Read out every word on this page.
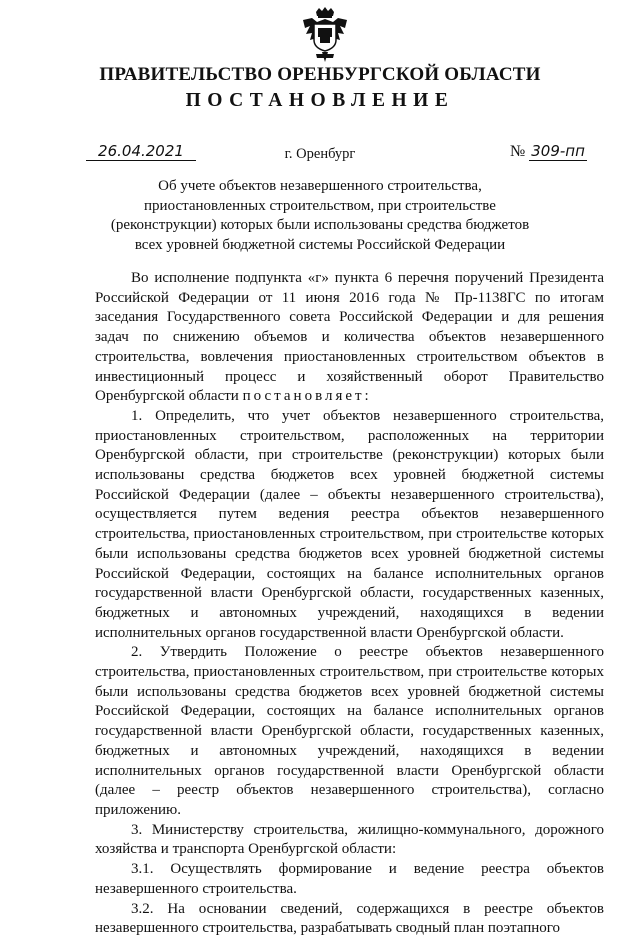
ПРАВИТЕЛЬСТВО ОРЕНБУРГСКОЙ ОБЛАСТИ
ПОСТАНОВЛЕНИЕ
26.04.2021	г. Оренбург	№ 309-пп
Об учете объектов незавершенного строительства,
приостановленных строительством, при строительстве
(реконструкции) которых были использованы средства бюджетов
всех уровней бюджетной системы Российской Федерации

Во исполнение подпункта «г» пункта 6 перечня поручений Президента Российской Федерации от 11 июня 2016 года № Пр-1138ГС по итогам заседания Государственного совета Российской Федерации и для решения задач по снижению объемов и количества объектов незавершенного строительства, вовлечения приостановленных строительством объектов в инвестиционный процесс и хозяйственный оборот Правительство Оренбургской области постановляет:

1. Определить, что учет объектов незавершенного строительства, приостановленных строительством, расположенных на территории Оренбургской области, при строительстве (реконструкции) которых были использованы средства бюджетов всех уровней бюджетной системы Российской Федерации (далее – объекты незавершенного строительства), осуществляется путем ведения реестра объектов незавершенного строительства, приостановленных строительством, при строительстве которых были использованы средства бюджетов всех уровней бюджетной системы Российской Федерации, состоящих на балансе исполнительных органов государственной власти Оренбургской области, государственных казенных, бюджетных и автономных учреждений, находящихся в ведении исполнительных органов государственной власти Оренбургской области.

2. Утвердить Положение о реестре объектов незавершенного строительства, приостановленных строительством, при строительстве которых были использованы средства бюджетов всех уровней бюджетной системы Российской Федерации, состоящих на балансе исполнительных органов государственной власти Оренбургской области, государственных казенных, бюджетных и автономных учреждений, находящихся в ведении исполнительных органов государственной власти Оренбургской области (далее – реестр объектов незавершенного строительства), согласно приложению.

3. Министерству строительства, жилищно-коммунального, дорожного хозяйства и транспорта Оренбургской области:

3.1. Осуществлять формирование и ведение реестра объектов незавершенного строительства.

3.2. На основании сведений, содержащихся в реестре объектов незавершенного строительства, разрабатывать сводный план поэтапного
